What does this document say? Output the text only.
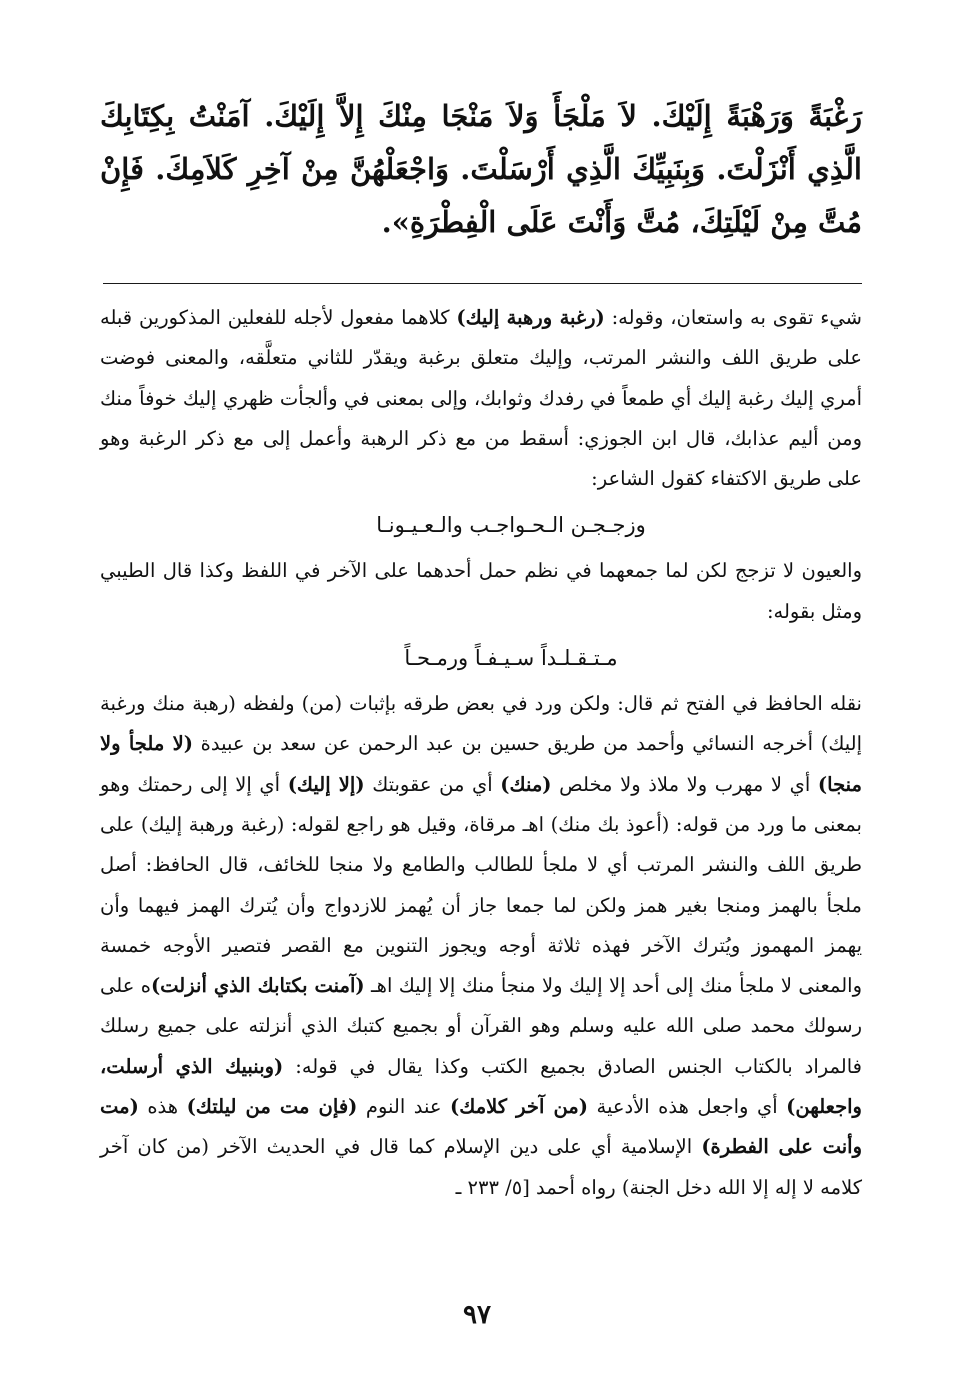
رَغْبَةً وَرَهْبَةً إِلَيْكَ. لاَ مَلْجَأَ وَلاَ مَنْجَا مِنْكَ إِلاَّ إِلَيْكَ. آمَنْتُ بِكِتَابِكَ الَّذِي أَنْزَلْتَ. وَبِنَبِيِّكَ الَّذِي أَرْسَلْتَ. وَاجْعَلْهُنَّ مِنْ آخِرِ كَلاَمِكَ. فَإِنْ مُتَّ مِنْ لَيْلَتِكَ، مُتَّ وَأَنْتَ عَلَى الْفِطْرَةِ».

شيء تقوى به واستعان، وقوله: (رغبة ورهبة إليك) كلاهما مفعول لأجله للفعلين المذكورين قبله على طريق اللف والنشر المرتب، وإليك متعلق برغبة ويقدّر للثاني متعلَّقه، والمعنى فوضت أمري إليك رغبة إليك أي طمعاً في رفدك وثوابك، وإلى بمعنى في وألجأت ظهري إليك خوفاً منك ومن أليم عذابك، قال ابن الجوزي: أسقط من مع ذكر الرهبة وأعمل إلى مع ذكر الرغبة وهو على طريق الاكتفاء كقول الشاعر:

وزجـجـن الـحـواجـب والـعـيـونـا

والعيون لا تزجج لكن لما جمعهما في نظم حمل أحدهما على الآخر في اللفظ وكذا قال الطيبي ومثل بقوله:

مـتـقـلـداً سـيـفـاً ورمـحـاً

نقله الحافظ في الفتح ثم قال: ولكن ورد في بعض طرقه بإثبات (من) ولفظه (رهبة منك ورغبة إليك) أخرجه النسائي وأحمد من طريق حسين بن عبد الرحمن عن سعد بن عبيدة (لا ملجأ ولا منجا) أي لا مهرب ولا ملاذ ولا مخلص (منك) أي من عقوبتك (إلا إليك) أي إلا إلى رحمتك وهو بمعنى ما ورد من قوله: (أعوذ بك منك) اهـ مرقاة، وقيل هو راجع لقوله: (رغبة ورهبة إليك) على طريق اللف والنشر المرتب أي لا ملجأ للطالب والطامع ولا منجا للخائف، قال الحافظ: أصل ملجأ بالهمز ومنجا بغير همز ولكن لما جمعا جاز أن يُهمز للازدواج وأن يُترك الهمز فيهما وأن يهمز المهموز ويُترك الآخر فهذه ثلاثة أوجه ويجوز التنوين مع القصر فتصير الأوجه خمسة والمعنى لا ملجأ منك إلى أحد إلا إليك ولا منجأ منك إلا إليك اهـ (آمنت بكتابك الذي أنزلت)ه على رسولك محمد صلى الله عليه وسلم وهو القرآن أو بجميع كتبك الذي أنزلته على جميع رسلك فالمراد بالكتاب الجنس الصادق بجميع الكتب وكذا يقال في قوله: (وبنبيك الذي أرسلت، واجعلهن) أي واجعل هذه الأدعية (من آخر كلامك) عند النوم (فإن مت من ليلتك) هذه (مت وأنت على الفطرة) الإسلامية أي على دين الإسلام كما قال في الحديث الآخر (من كان آخر كلامه لا إله إلا الله دخل الجنة) رواه أحمد [٥/ ٢٣٣ ـ

٩٧
